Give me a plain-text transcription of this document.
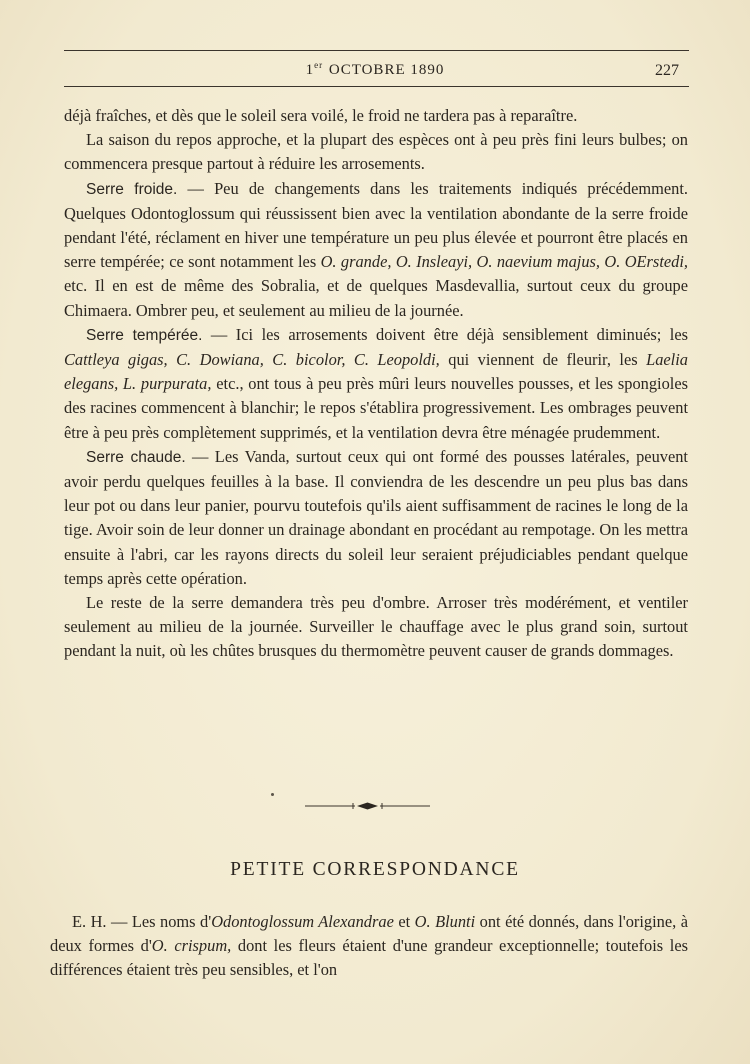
1er OCTOBRE 1890	227

déjà fraîches, et dès que le soleil sera voilé, le froid ne tardera pas à reparaître.

La saison du repos approche, et la plupart des espèces ont à peu près fini leurs bulbes; on commencera presque partout à réduire les arrosements.

Serre froide. — Peu de changements dans les traitements indiqués précédemment. Quelques Odontoglossum qui réussissent bien avec la ventilation abondante de la serre froide pendant l'été, réclament en hiver une température un peu plus élevée et pourront être placés en serre tempérée; ce sont notamment les O. grande, O. Insleayi, O. naevium majus, O. OErstedi, etc. Il en est de même des Sobralia, et de quelques Masdevallia, surtout ceux du groupe Chimaera. Ombrer peu, et seulement au milieu de la journée.

Serre tempérée. — Ici les arrosements doivent être déjà sensiblement diminués; les Cattleya gigas, C. Dowiana, C. bicolor, C. Leopoldi, qui viennent de fleurir, les Laelia elegans, L. purpurata, etc., ont tous à peu près mûri leurs nouvelles pousses, et les spongioles des racines commencent à blanchir; le repos s'établira progressivement. Les ombrages peuvent être à peu près complètement supprimés, et la ventilation devra être ménagée prudemment.

Serre chaude. — Les Vanda, surtout ceux qui ont formé des pousses latérales, peuvent avoir perdu quelques feuilles à la base. Il conviendra de les descendre un peu plus bas dans leur pot ou dans leur panier, pourvu toutefois qu'ils aient suffisamment de racines le long de la tige. Avoir soin de leur donner un drainage abondant en procédant au rempotage. On les mettra ensuite à l'abri, car les rayons directs du soleil leur seraient préjudiciables pendant quelque temps après cette opération.

Le reste de la serre demandera très peu d'ombre. Arroser très modérément, et ventiler seulement au milieu de la journée. Surveiller le chauffage avec le plus grand soin, surtout pendant la nuit, où les chûtes brusques du thermomètre peuvent causer de grands dommages.

PETITE CORRESPONDANCE

E. H. — Les noms d'Odontoglossum Alexandrae et O. Blunti ont été donnés, dans l'origine, à deux formes d'O. crispum, dont les fleurs étaient d'une grandeur exceptionnelle; toutefois les différences étaient très peu sensibles, et l'on
